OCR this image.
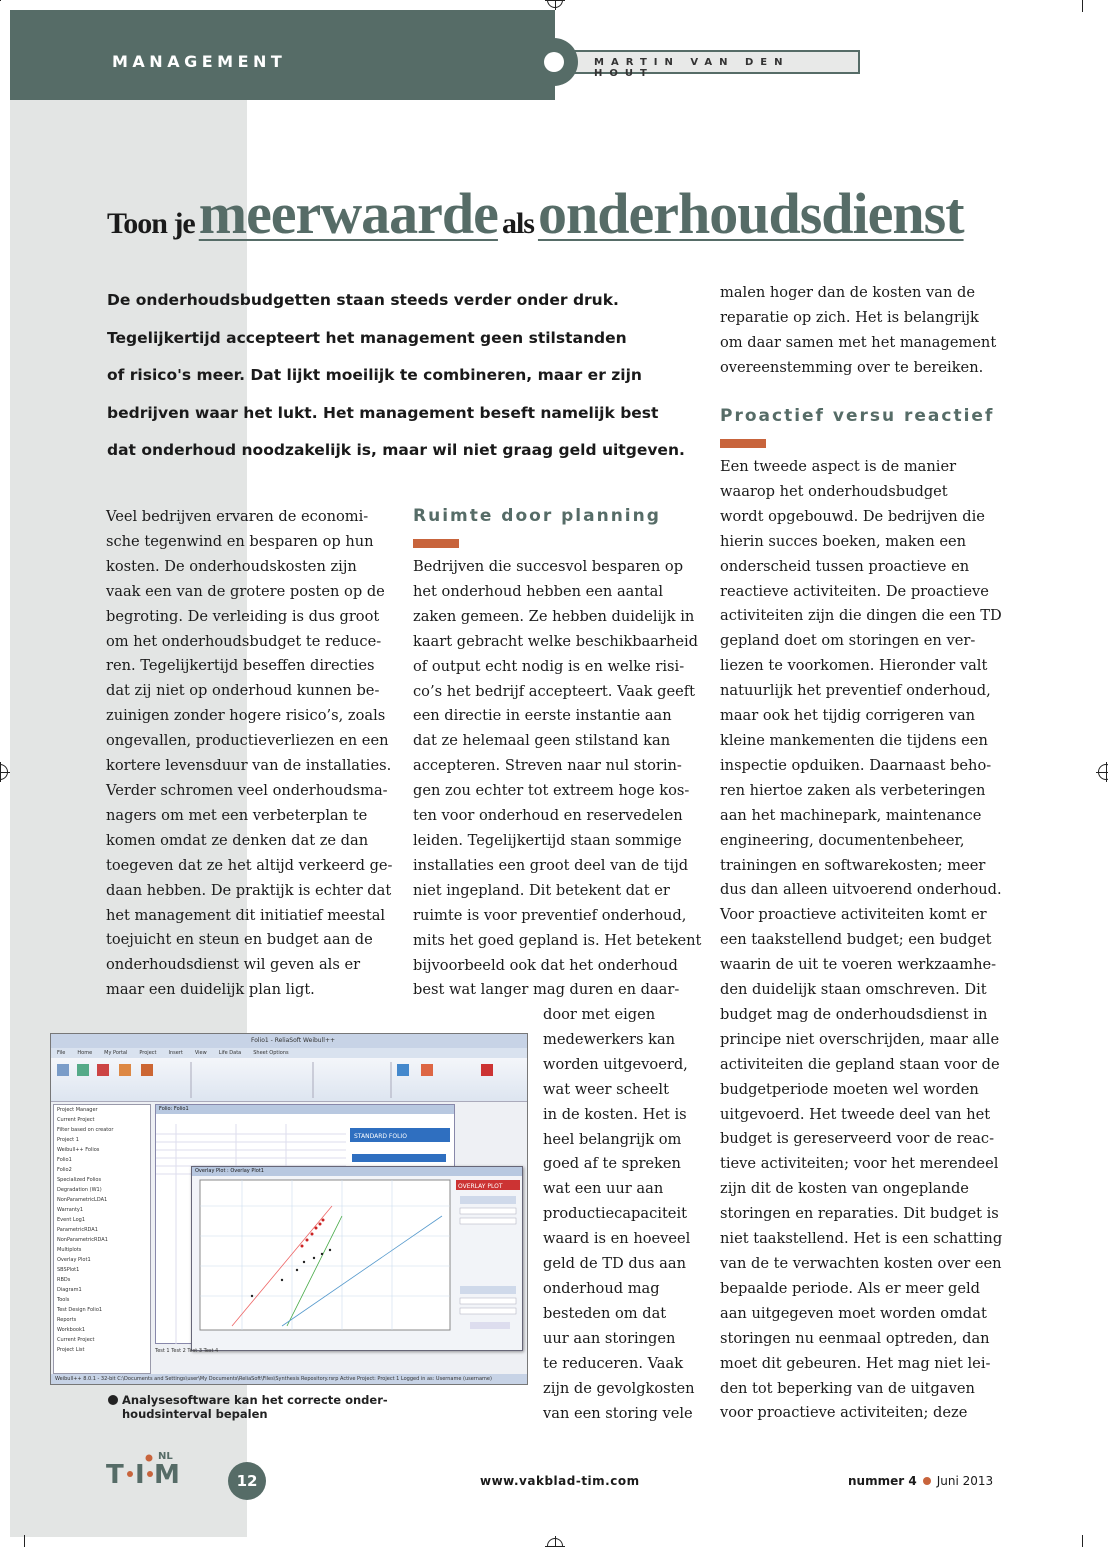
MANAGEMENT	MARTIN VAN DEN HOUT
Toon je meerwaarde als onderhoudsdienst
De onderhoudsbudgetten staan steeds verder onder druk.
Tegelijkertijd accepteert het management geen stilstanden
of risico's meer. Dat lijkt moeilijk te combineren, maar er zijn
bedrijven waar het lukt. Het management beseft namelijk best
dat onderhoud noodzakelijk is, maar wil niet graag geld uitgeven.
Veel bedrijven ervaren de economi-
sche tegenwind en besparen op hun
kosten. De onderhoudskosten zijn
vaak een van de grotere posten op de
begroting. De verleiding is dus groot
om het onderhoudsbudget te reduce-
ren. Tegelijkertijd beseffen directies
dat zij niet op onderhoud kunnen be-
zuinigen zonder hogere risico’s, zoals
ongevallen, productieverliezen en een
kortere levensduur van de installaties.
Verder schromen veel onderhoudsma-
nagers om met een verbeterplan te
komen omdat ze denken dat ze dan
toegeven dat ze het altijd verkeerd ge-
daan hebben. De praktijk is echter dat
het management dit initiatief meestal
toejuicht en steun en budget aan de
onderhoudsdienst wil geven als er
maar een duidelijk plan ligt.
Ruimte door planning
Bedrijven die succesvol besparen op
het onderhoud hebben een aantal
zaken gemeen. Ze hebben duidelijk in
kaart gebracht welke beschikbaarheid
of output echt nodig is en welke risi-
co’s het bedrijf accepteert. Vaak geeft
een directie in eerste instantie aan
dat ze helemaal geen stilstand kan
accepteren. Streven naar nul storin-
gen zou echter tot extreem hoge kos-
ten voor onderhoud en reservedelen
leiden. Tegelijkertijd staan sommige
installaties een groot deel van de tijd
niet ingepland. Dit betekent dat er
ruimte is voor preventief onderhoud,
mits het goed gepland is. Het betekent
bijvoorbeeld ook dat het onderhoud
best wat langer mag duren en daar-
door met eigen
medewerkers kan
worden uitgevoerd,
wat weer scheelt
in de kosten. Het is
heel belangrijk om
goed af te spreken
wat een uur aan
productiecapaciteit
waard is en hoeveel
geld de TD dus aan
onderhoud mag
besteden om dat
uur aan storingen
te reduceren. Vaak
zijn de gevolgkosten
van een storing vele
malen hoger dan de kosten van de
reparatie op zich. Het is belangrijk
om daar samen met het management
overeenstemming over te bereiken.
Proactief versu reactief
Een tweede aspect is de manier
waarop het onderhoudsbudget
wordt opgebouwd. De bedrijven die
hierin succes boeken, maken een
onderscheid tussen proactieve en
reactieve activiteiten. De proactieve
activiteiten zijn die dingen die een TD
gepland doet om storingen en ver-
liezen te voorkomen. Hieronder valt
natuurlijk het preventief onderhoud,
maar ook het tijdig corrigeren van
kleine mankementen die tijdens een
inspectie opduiken. Daarnaast beho-
ren hiertoe zaken als verbeteringen
aan het machinepark, maintenance
engineering, documentenbeheer,
trainingen en softwarekosten; meer
dus dan alleen uitvoerend onderhoud.
Voor proactieve activiteiten komt er
een taakstellend budget; een budget
waarin de uit te voeren werkzaamhe-
den duidelijk staan omschreven. Dit
budget mag de onderhoudsdienst in
principe niet overschrijden, maar alle
activiteiten die gepland staan voor de
budgetperiode moeten wel worden
uitgevoerd. Het tweede deel van het
budget is gereserveerd voor de reac-
tieve activiteiten; voor het merendeel
zijn dit de kosten van ongeplande
storingen en reparaties. Dit budget is
niet taakstellend. Het is een schatting
van de te verwachten kosten over een
bepaalde periode. Als er meer geld
aan uitgegeven moet worden omdat
storingen nu eenmaal optreden, dan
moet dit gebeuren. Het mag niet lei-
den tot beperking van de uitgaven
voor proactieve activiteiten; deze
Folio1 - ReliaSoft Weibull++
File Home My Portal Project Insert View Life Data Sheet Options
Project Manager
Current Project
Filter based on creator
Project 1
Weibull++ Folios
Folio1
Folio2
Specialized Folios
Degradation (W1)
NonParametricLDA1
Warranty1
Event Log1
ParametricRDA1
NonParametricRDA1
Multiplots
Overlay Plot1
SBSPlot1
RBDs
Diagram1
Tools
Test Design Folio1
Reports
Workbook1
Current Project
Project List
Folio: Folio1
STANDARD FOLIO
Overlay Plot : Overlay Plot1
OVERLAY PLOT
Test 1 Test 2 Test 3 Test 4
Weibull++ 8.0.1 - 32-bit C:\Documents and Settings\user\My Documents\ReliaSoft\Files\Synthesis Repository.rsrp Active Project: Project 1 Logged in as: Username (username)
Analysesoftware kan het correcte onder-
houdsinterval bepalen
T I M
NL
12	www.vakblad-tim.com	nummer 4 Juni 2013
